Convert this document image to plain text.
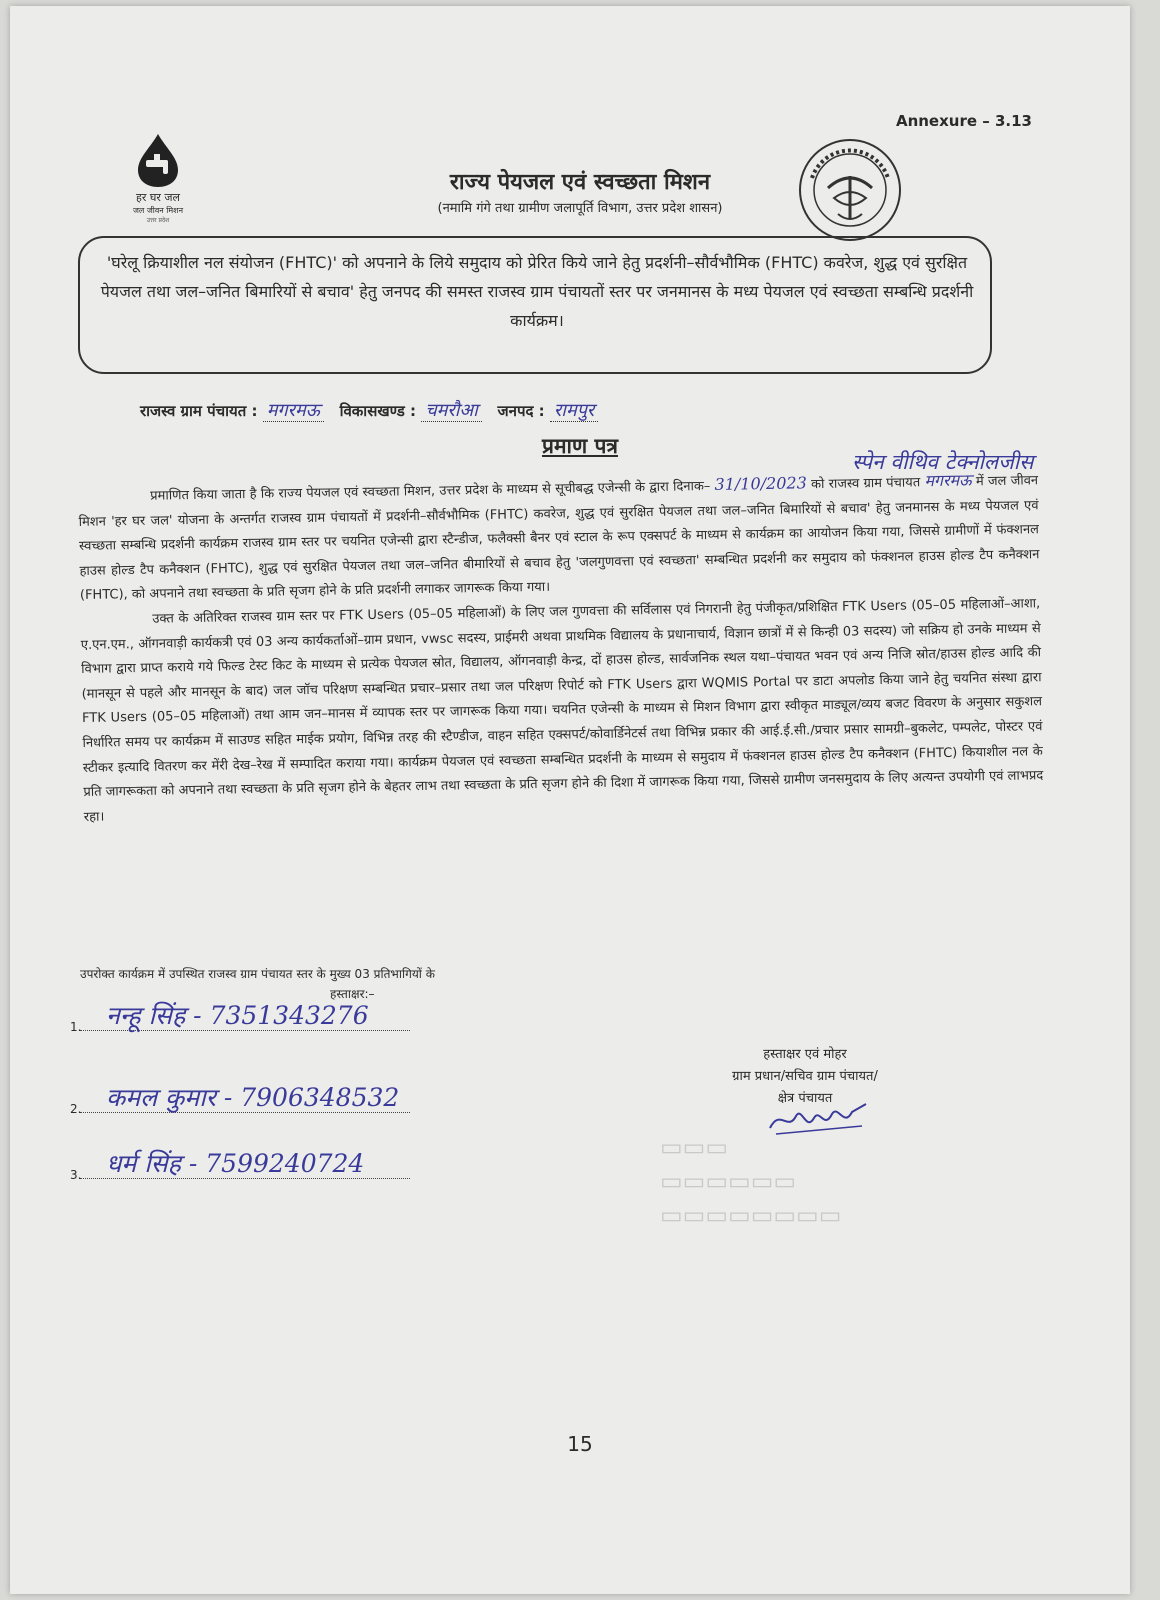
Annexure – 3.13
हर घर जल
जल जीवन मिशन
उत्तर प्रदेश
राज्य पेयजल एवं स्वच्छता मिशन
(नमामि गंगे तथा ग्रामीण जलापूर्ति विभाग, उत्तर प्रदेश शासन)
'घरेलू क्रियाशील नल संयोजन (FHTC)' को अपनाने के लिये समुदाय को प्रेरित किये जाने हेतु प्रदर्शनी–सौर्वभौमिक (FHTC) कवरेज, शुद्ध एवं सुरक्षित पेयजल तथा जल–जनित बिमारियों से बचाव' हेतु जनपद की समस्त राजस्व ग्राम पंचायतों स्तर पर जनमानस के मध्य पेयजल एवं स्वच्छता सम्बन्धि प्रदर्शनी कार्यक्रम।
राजस्व ग्राम पंचायत : मगरमऊ विकासखण्ड : चमरौआ जनपद : रामपुर
प्रमाण पत्र
स्पेन वीथिव टेक्नोलजीस

प्रमाणित किया जाता है कि राज्य पेयजल एवं स्वच्छता मिशन, उत्तर प्रदेश के माध्यम से सूचीबद्ध एजेन्सी के द्वारा दिनाक– 31/10/2023 को राजस्व ग्राम पंचायत मगरमऊ में जल जीवन मिशन 'हर घर जल' योजना के अन्तर्गत राजस्व ग्राम पंचायतों में प्रदर्शनी–सौर्वभौमिक (FHTC) कवरेज, शुद्ध एवं सुरक्षित पेयजल तथा जल–जनित बिमारियों से बचाव' हेतु जनमानस के मध्य पेयजल एवं स्वच्छता सम्बन्धि प्रदर्शनी कार्यक्रम राजस्व ग्राम स्तर पर चयनित एजेन्सी द्वारा स्टैन्डीज, फलैक्सी बैनर एवं स्टाल के रूप एक्सपर्ट के माध्यम से कार्यक्रम का आयोजन किया गया, जिससे ग्रामीणों में फंक्शनल हाउस होल्ड टैप कनैक्शन (FHTC), शुद्ध एवं सुरक्षित पेयजल तथा जल–जनित बीमारियों से बचाव हेतु 'जलगुणवत्ता एवं स्वच्छता' सम्बन्धित प्रदर्शनी कर समुदाय को फंक्शनल हाउस होल्ड टैप कनैक्शन (FHTC), को अपनाने तथा स्वच्छता के प्रति सृजग होने के प्रति प्रदर्शनी लगाकर जागरूक किया गया।

उक्त के अतिरिक्त राजस्व ग्राम स्तर पर FTK Users (05–05 महिलाओं) के लिए जल गुणवत्ता की सर्विलास एवं निगरानी हेतु पंजीकृत/प्रशिक्षित FTK Users (05–05 महिलाओं–आशा, ए.एन.एम., ऑगनवाड़ी कार्यकत्री एवं 03 अन्य कार्यकर्ताओं–ग्राम प्रधान, vwsc सदस्य, प्राईमरी अथवा प्राथमिक विद्यालय के प्रधानाचार्य, विज्ञान छात्रों में से किन्ही 03 सदस्य) जो सक्रिय हो उनके माध्यम से विभाग द्वारा प्राप्त कराये गये फिल्ड टेस्ट किट के माध्यम से प्रत्येक पेयजल स्रोत, विद्यालय, ऑगनवाड़ी केन्द्र, दों हाउस होल्ड, सार्वजनिक स्थल यथा–पंचायत भवन एवं अन्य निजि स्रोत/हाउस होल्ड आदि की (मानसून से पहले और मानसून के बाद) जल जॉच परिक्षण सम्बन्धित प्रचार–प्रसार तथा जल परिक्षण रिपोर्ट को FTK Users द्वारा WQMIS Portal पर डाटा अपलोड किया जाने हेतु चयनित संस्था द्वारा FTK Users (05–05 महिलाओं) तथा आम जन–मानस में व्यापक स्तर पर जागरूक किया गया। चयनित एजेन्सी के माध्यम से मिशन विभाग द्वारा स्वीकृत माड्यूल/व्यय बजट विवरण के अनुसार सकुशल निर्धारित समय पर कार्यक्रम में साउण्ड सहित माईक प्रयोग, विभिन्न तरह की स्टैण्डीज, वाहन सहित एक्सपर्ट/कोवार्डिनेटर्स तथा विभिन्न प्रकार की आई.ई.सी./प्रचार प्रसार सामग्री–बुकलेट, पम्पलेट, पोस्टर एवं स्टीकर इत्यादि वितरण कर मेंरी देख–रेख में सम्पादित कराया गया। कार्यक्रम पेयजल एवं स्वच्छता सम्बन्धित प्रदर्शनी के माध्यम से समुदाय में फंक्शनल हाउस होल्ड टैप कनैक्शन (FHTC) कियाशील नल के प्रति जागरूकता को अपनाने तथा स्वच्छता के प्रति सृजग होने के बेहतर लाभ तथा स्वच्छता के प्रति सृजग होने की दिशा में जागरूक किया गया, जिससे ग्रामीण जनसमुदाय के लिए अत्यन्त उपयोगी एवं लाभप्रद रहा।

उपरोक्त कार्यक्रम में उपस्थित राजस्व ग्राम पंचायत स्तर के मुख्य 03 प्रतिभागियों के
हस्ताक्षर:–
1. नन्हू सिंह - 7351343276
2. कमल कुमार - 7906348532
3. धर्म सिंह - 7599240724
हस्ताक्षर एवं मोहर
ग्राम प्रधान/सचिव ग्राम पंचायत/
क्षेत्र पंचायत
▭▭▭
▭▭▭▭▭▭
▭▭▭▭▭▭▭▭
15
